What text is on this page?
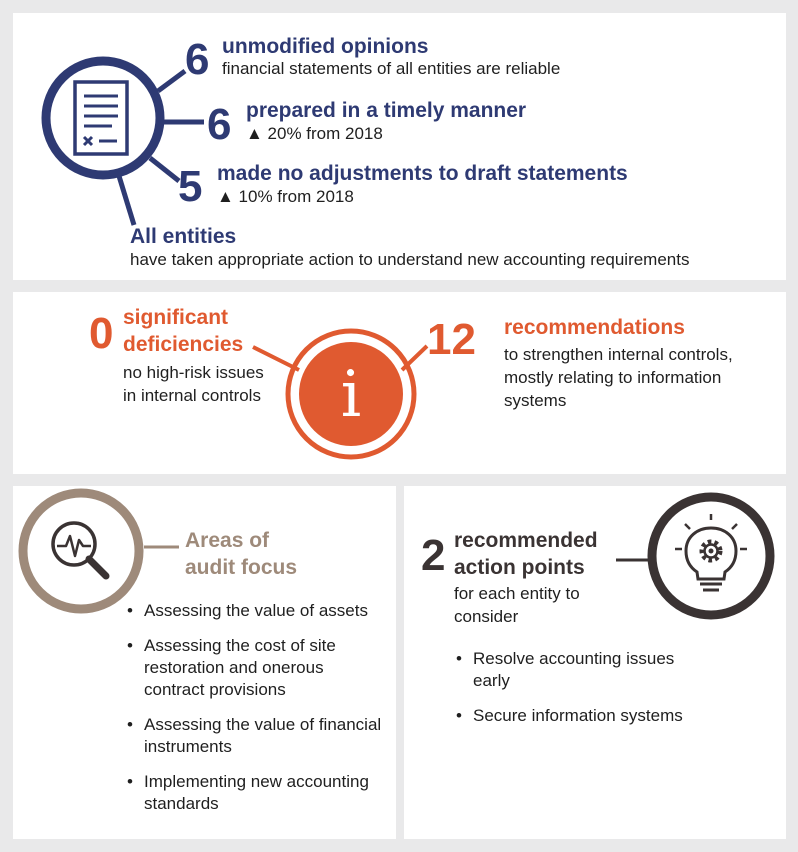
6 unmodified opinions
financial statements of all entities are reliable
6 prepared in a timely manner
▲ 20% from 2018
5 made no adjustments to draft statements
▲ 10% from 2018
All entities
have taken appropriate action to understand new accounting requirements
i
0 significant
deficiencies
no high-risk issues
in internal controls
12 recommendations
to strengthen internal controls,
mostly relating to information
systems
Areas of
audit focus
• Assessing the value of assets
• Assessing the cost of site restoration and onerous contract provisions
• Assessing the value of financial instruments
• Implementing new accounting standards
2 recommended
action points
for each entity to
consider
• Resolve accounting issues early
• Secure information systems
